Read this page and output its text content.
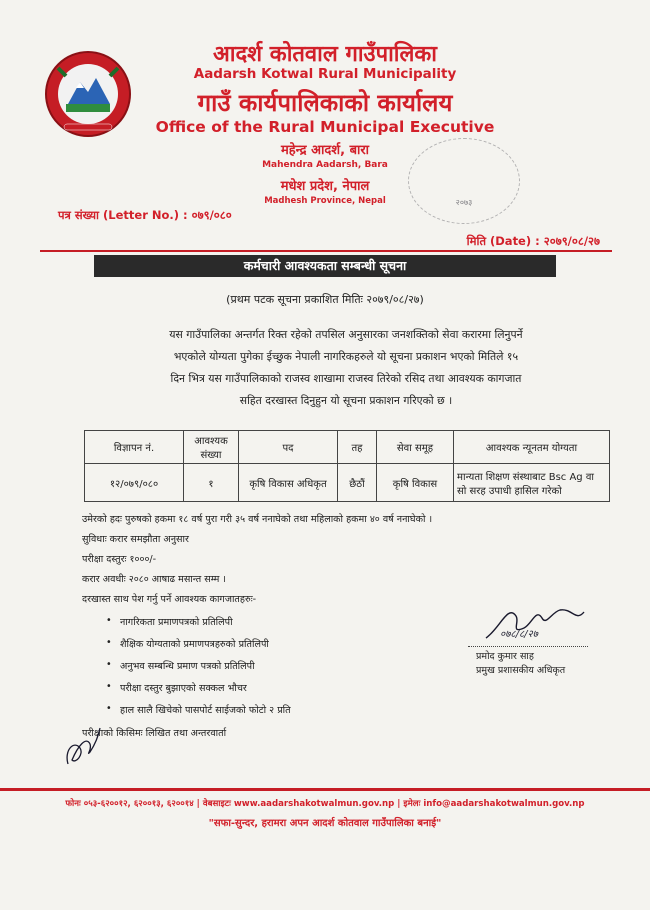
आदर्श कोतवाल गाउँपालिका
Aadarsh Kotwal Rural Municipality
गाउँ कार्यपालिकाको कार्यालय
Office of the Rural Municipal Executive
महेन्द्र आदर्श, बारा
Mahendra Aadarsh, Bara
मधेश प्रदेश, नेपाल
Madhesh Province, Nepal	२०७३
पत्र संख्या (Letter No.) : ०७९/०८०
मिति (Date) : २०७९/०८/२७
कर्मचारी आवश्यकता सम्बन्धी सूचना
(प्रथम पटक सूचना प्रकाशित मितिः २०७९/०८/२७)
यस गाउँपालिका अन्तर्गत रिक्त रहेको तपसिल अनुसारका जनशक्तिको सेवा करारमा लिनुपर्ने
भएकोले योग्यता पुगेका ईच्छुक नेपाली नागरिकहरुले यो सूचना प्रकाशन भएको मितिले १५
दिन भित्र यस गाउँपालिकाको राजस्व शाखामा राजस्व तिरेको रसिद तथा आवश्यक कागजात
सहित दरखास्त दिनुहुन यो सूचना प्रकाशन गरिएको छ ।
विज्ञापन नं.	आवश्यक संख्या	पद	तह	सेवा समूह	आवश्यक न्यूनतम योग्यता
१२/०७९/०८०	१	कृषि विकास अधिकृत	छैठौं	कृषि विकास	मान्यता शिक्षण संस्थाबाट Bsc Ag वा सो सरह उपाधी हासिल गरेको
उमेरको हदः पुरुषको हकमा १८ वर्ष पुरा गरी ३५ वर्ष ननाघेको तथा महिलाको हकमा ४० वर्ष ननाघेको ।
सुविधाः करार समझौता अनुसार
परीक्षा दस्तुरः १०००/-
करार अवधीः २०८० आषाढ मसान्त सम्म ।
दरखास्त साथ पेश गर्नु पर्ने आवश्यक कागजातहरुः-
• नागरिकता प्रमाणपत्रको प्रतिलिपी
• शैक्षिक योग्यताको प्रमाणपत्रहरुको प्रतिलिपी
• अनुभव सम्बन्धि प्रमाण पत्रको प्रतिलिपी
• परीक्षा दस्तुर बुझाएको सक्कल भौचर
• हाल सालै खिचेको पासपोर्ट साईजको फोटो २ प्रति
परीक्षाको किसिमः लिखित तथा अन्तरवार्ता
०७८/८/२७
प्रमोद कुमार साह
प्रमुख प्रशासकीय अधिकृत
फोनः ०५३-६२००१२, ६२००१३, ६२००१४ | वेबसाइटः www.aadarshakotwalmun.gov.np | इमेलः info@aadarshakotwalmun.gov.np
"सफा-सुन्दर, हरामरा अपन आदर्श कोतवाल गाउँपालिका बनाई"
